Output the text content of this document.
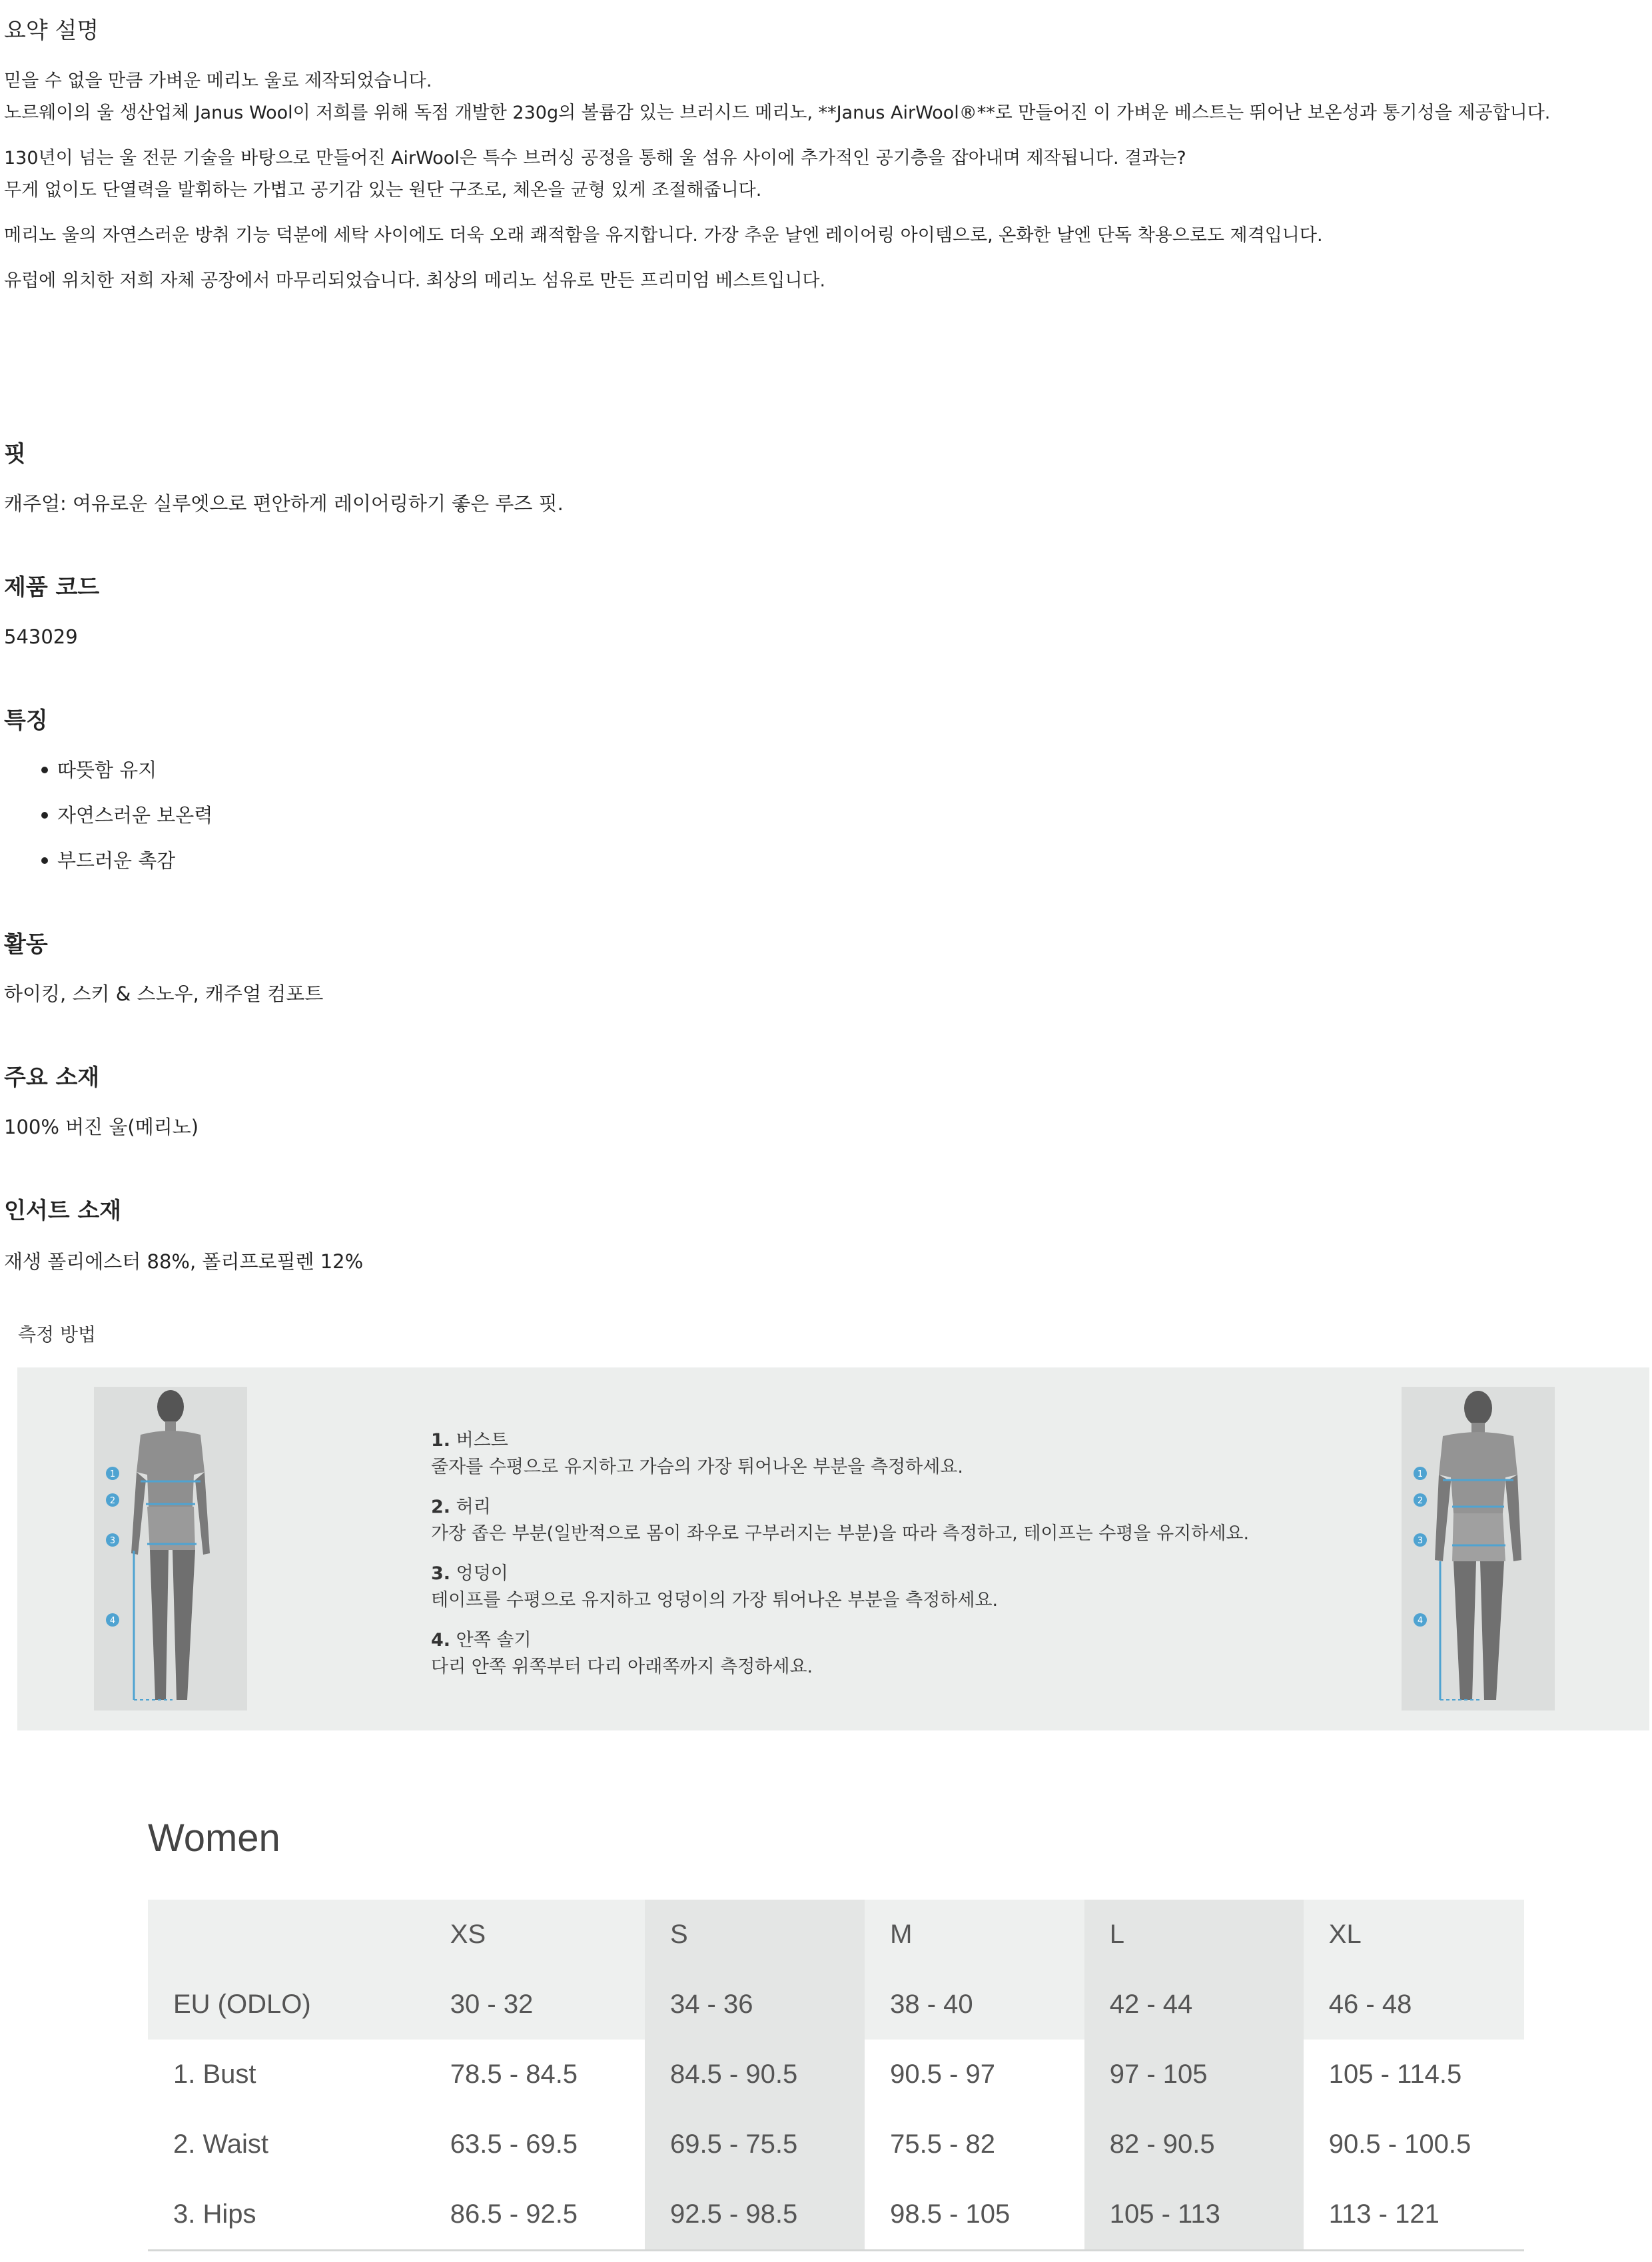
요약 설명

믿을 수 없을 만큼 가벼운 메리노 울로 제작되었습니다.

노르웨이의 울 생산업체 Janus Wool이 저희를 위해 독점 개발한 230g의 볼륨감 있는 브러시드 메리노, **Janus AirWool®**로 만들어진 이 가벼운 베스트는 뛰어난 보온성과 통기성을 제공합니다.

130년이 넘는 울 전문 기술을 바탕으로 만들어진 AirWool은 특수 브러싱 공정을 통해 울 섬유 사이에 추가적인 공기층을 잡아내며 제작됩니다. 결과는?

무게 없이도 단열력을 발휘하는 가볍고 공기감 있는 원단 구조로, 체온을 균형 있게 조절해줍니다.

메리노 울의 자연스러운 방취 기능 덕분에 세탁 사이에도 더욱 오래 쾌적함을 유지합니다. 가장 추운 날엔 레이어링 아이템으로, 온화한 날엔 단독 착용으로도 제격입니다.

유럽에 위치한 저희 자체 공장에서 마무리되었습니다. 최상의 메리노 섬유로 만든 프리미엄 베스트입니다.

핏

캐주얼: 여유로운 실루엣으로 편안하게 레이어링하기 좋은 루즈 핏.

제품 코드

543029

특징
따뜻함 유지
자연스러운 보온력
부드러운 촉감
활동

하이킹, 스키 & 스노우, 캐주얼 컴포트

주요 소재

100% 버진 울(메리노)

인서트 소재

재생 폴리에스터 88%, 폴리프로필렌 12%

측정 방법

1
2
3
4
1. 버스트
줄자를 수평으로 유지하고 가슴의 가장 튀어나온 부분을 측정하세요.
2. 허리
가장 좁은 부분(일반적으로 몸이 좌우로 구부러지는 부분)을 따라 측정하고, 테이프는 수평을 유지하세요.
3. 엉덩이
테이프를 수평으로 유지하고 엉덩이의 가장 튀어나온 부분을 측정하세요.
4. 안쪽 솔기
다리 안쪽 위쪽부터 다리 아래쪽까지 측정하세요.
1
2
3
4
Women
	XS	S	M	L	XL
EU (ODLO)	30 - 32	34 - 36	38 - 40	42 - 44	46 - 48
1. Bust	78.5 - 84.5	84.5 - 90.5	90.5 - 97	97 - 105	105 - 114.5
2. Waist	63.5 - 69.5	69.5 - 75.5	75.5 - 82	82 - 90.5	90.5 - 100.5
3. Hips	86.5 - 92.5	92.5 - 98.5	98.5 - 105	105 - 113	113 - 121
